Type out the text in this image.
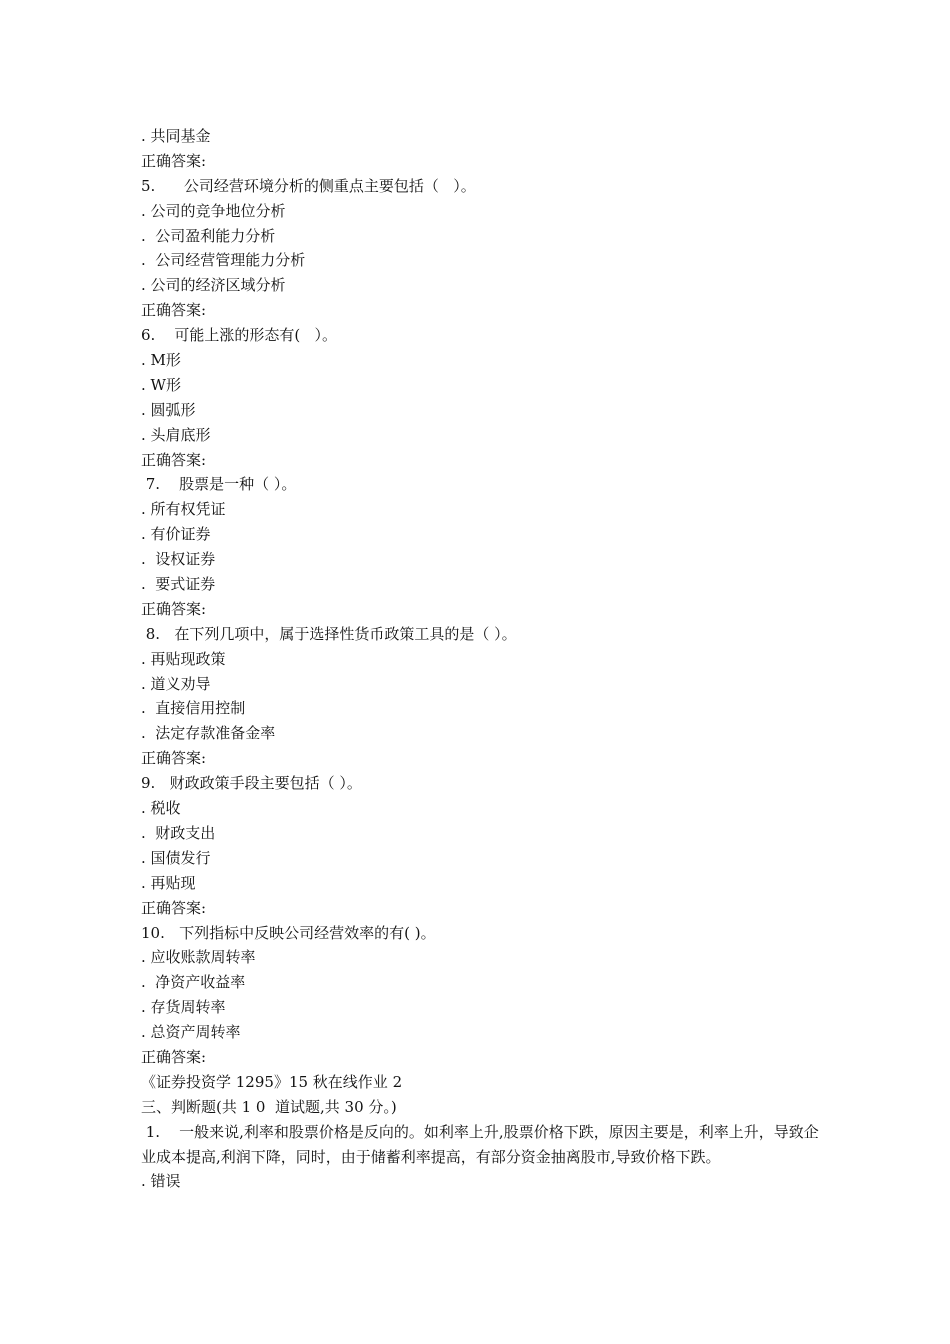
. 共同基金
正确答案:
5.      公司经营环境分析的侧重点主要包括（   ）。
. 公司的竞争地位分析
.  公司盈利能力分析
.  公司经营管理能力分析
. 公司的经济区域分析
正确答案:
6.    可能上涨的形态有(   ）。
. M形
. W形
. 圆弧形
. 头肩底形
正确答案:
7.    股票是一种（ ）。
. 所有权凭证
. 有价证券
.  设权证券
.  要式证券
正确答案:
8.   在下列几项中，属于选择性货币政策工具的是（ ）。
. 再贴现政策
. 道义劝导
.  直接信用控制
.  法定存款准备金率
正确答案:
9.   财政政策手段主要包括（ ）。
. 税收
.  财政支出
. 国债发行
. 再贴现
正确答案:
10.   下列指标中反映公司经营效率的有( )。
. 应收账款周转率
.  净资产收益率
. 存货周转率
. 总资产周转率
正确答案:
《证券投资学 1295》15 秋在线作业 2
三、判断题(共 1 0  道试题,共 30 分。)
1.    一般来说,利率和股票价格是反向的。如利率上升,股票价格下跌，原因主要是，利率上升，导致企业成本提高,利润下降，同时，由于储蓄利率提高，有部分资金抽离股市,导致价格下跌。
. 错误
